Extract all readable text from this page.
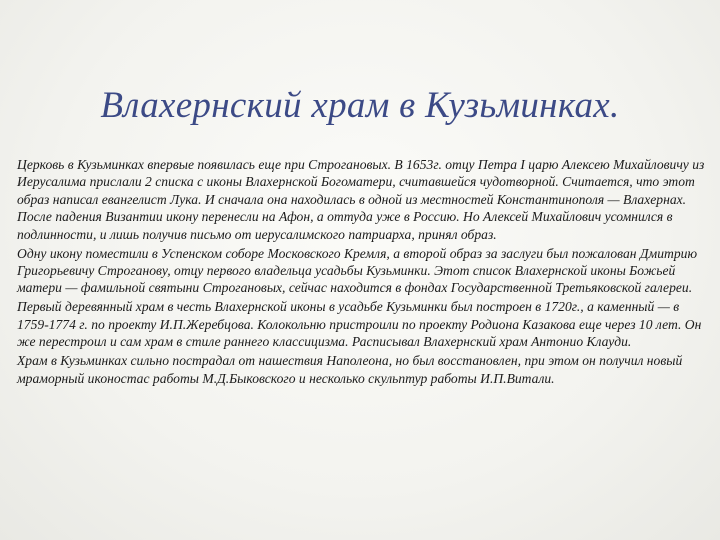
Влахернский храм в Кузьминках.

Церковь в Кузьминках впервые появилась еще при Строгановых. В 1653г. отцу Петра I царю Алексею Михайловичу из Иерусалима прислали 2 списка с иконы Влахернской Богоматери, считавшейся чудотворной. Считается, что этот образ написал евангелист Лука. И сначала она находилась в одной из местностей Константинополя — Влахернах. После падения Византии икону перенесли на Афон, а оттуда уже в Россию. Но Алексей Михайлович усомнился в подлинности, и лишь получив письмо от иерусалимского патриарха, принял образ.

Одну икону поместили в Успенском соборе Московского Кремля, а второй образ за заслуги был пожалован Дмитрию Григорьевичу Строганову, отцу первого владельца усадьбы Кузьминки. Этот список Влахернской иконы Божьей матери — фамильной святыни Строгановых, сейчас находится в фондах Государственной Третьяковской галереи.

Первый деревянный храм в честь Влахернской иконы в усадьбе Кузьминки был построен в 1720г., а каменный — в 1759-1774 г. по проекту И.П.Жеребцова. Колокольню пристроили по проекту Родиона Казакова еще через 10 лет. Он же перестроил и сам храм в стиле раннего классицизма. Расписывал Влахернский храм Антонио Клауди.

Храм в Кузьминках сильно пострадал от нашествия Наполеона, но был восстановлен, при этом он получил новый мраморный иконостас работы М.Д.Быковского и несколько скульптур работы И.П.Витали.
